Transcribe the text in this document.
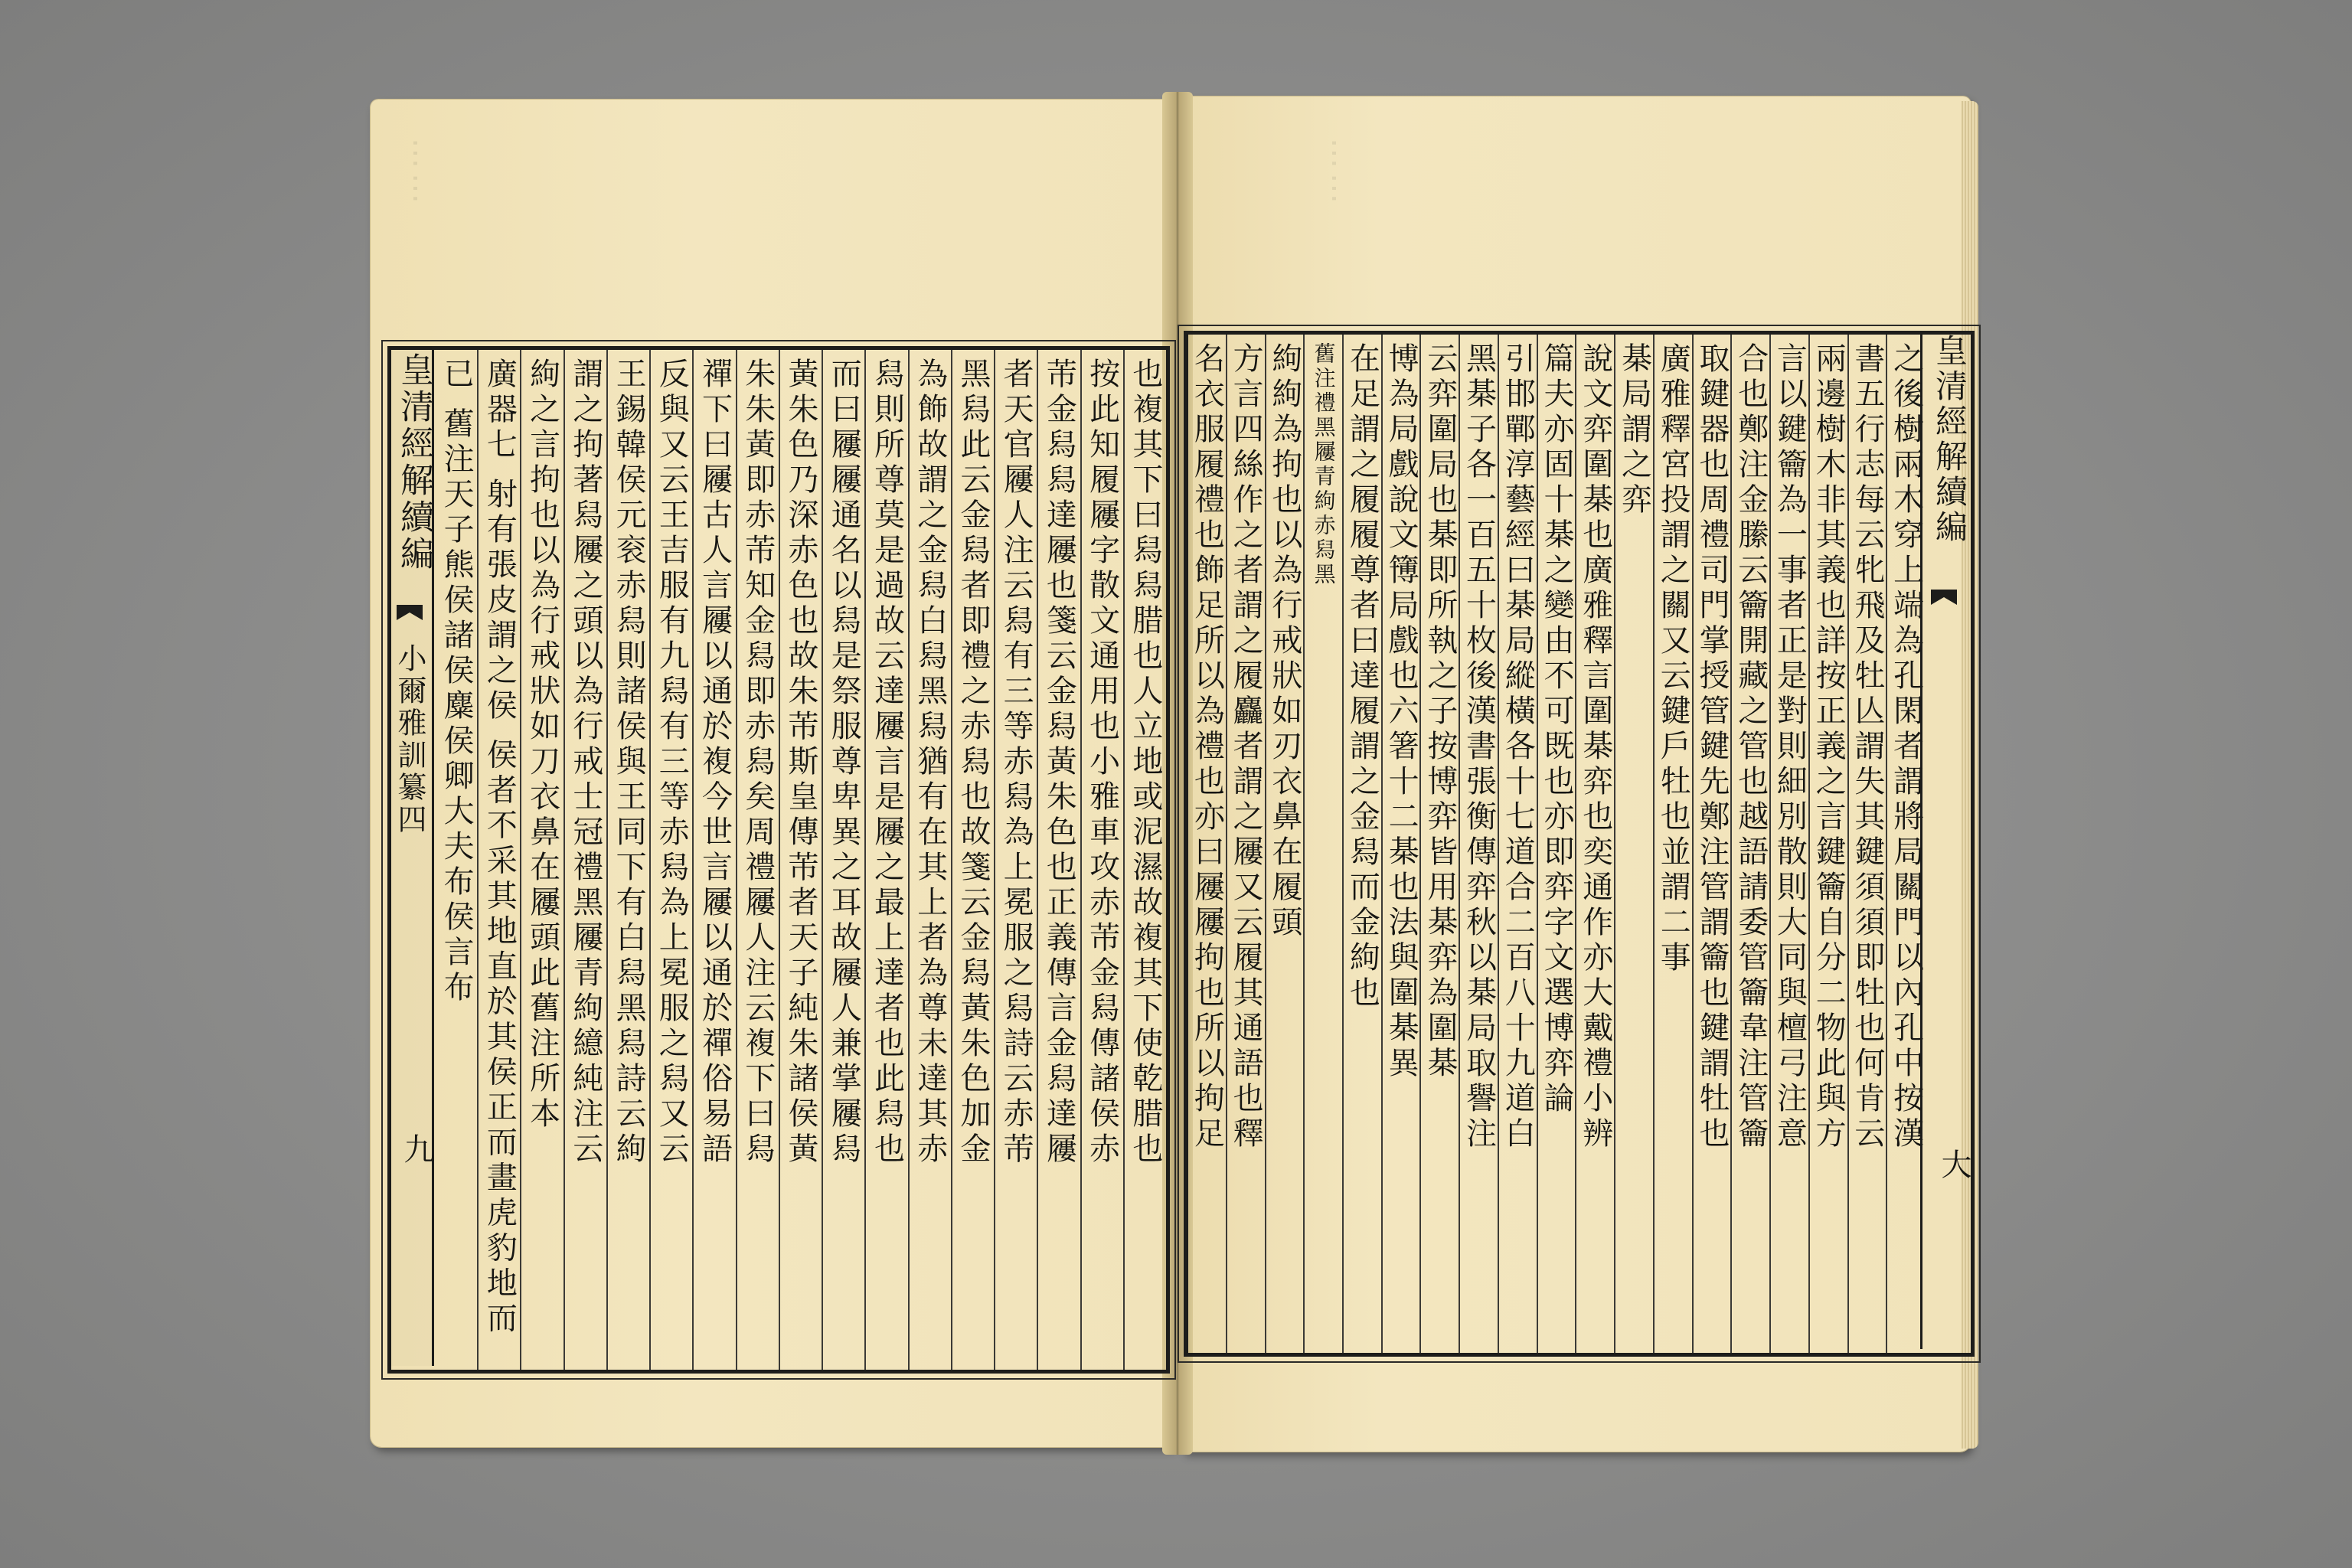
⋯⋯	⋯⋯
也複其下曰舄舄腊也人立地或泥濕故複其下使乾腊也
按此知履屨字散文通用也小雅車攻赤芾金舄傳諸侯赤
芾金舄舄達屨也箋云金舄黃朱色也正義傳言金舄達屨
者天官屨人注云舄有三等赤舄為上冕服之舄詩云赤芾
黑舄此云金舄者即禮之赤舄也故箋云金舄黃朱色加金
為飾故謂之金舄白舄黑舄猶有在其上者為尊未達其赤
舄則所尊莫是過故云達屨言是屨之最上達者也此舄也
而曰屨屨通名以舄是祭服尊卑異之耳故屨人兼掌屨舄
黃朱色乃深赤色也故朱芾斯皇傳芾者天子純朱諸侯黃
朱朱黃即赤芾知金舄即赤舄矣周禮屨人注云複下曰舄
禪下曰屨古人言屨以通於複今世言屨以通於禪俗易語
反與又云王吉服有九舄有三等赤舄為上冕服之舄又云
王錫韓侯元衮赤舄則諸侯與王同下有白舄黑舄詩云絇
謂之拘著舄屨之頭以為行戒士冠禮黑屨青絇繶純注云
絇之言拘也以為行戒狀如刀衣鼻在屨頭此舊注所本
廣器七 射有張皮謂之侯 侯者不采其地直於其侯正而畫虎豹地而
已 舊注天子熊侯諸侯麋侯卿大夫布侯言布
皇清經解續編
小爾雅訓纂四
九	之後樹兩木穿上端為孔閑者謂將局關門以內孔中按漢
書五行志每云牝飛及牡亾謂失其鍵須須即牡也何肯云
兩邊樹木非其義也詳按正義之言鍵籥自分二物此與方
言以鍵籥為一事者正是對則細別散則大同與檀弓注意
合也鄭注金縢云籥開藏之管也越語請委管籥韋注管籥
取鍵器也周禮司門掌授管鍵先鄭注管謂籥也鍵謂牡也
廣雅釋宮投謂之關又云鍵戶牡也並謂二事
棊局謂之弈
說文弈圍棊也廣雅釋言圍棊弈也奕通作亦大戴禮小辨
篇夫亦固十棊之變由不可既也亦即弈字文選博弈論
引邯鄲淳藝經曰棊局縱橫各十七道合二百八十九道白
黑棊子各一百五十枚後漢書張衡傳弈秋以棊局取譽注
云弈圍局也棊即所執之子按博弈皆用棊弈為圍棊
博為局戲說文簙局戲也六箸十二棊也法與圍棊異
在足謂之履履尊者曰達履謂之金舄而金絇也
舊注禮黑屨青絇赤舄黑
絇絇為拘也以為行戒狀如刃衣鼻在履頭
方言四絲作之者謂之履麤者謂之屨又云履其通語也釋
名衣服履禮也飾足所以為禮也亦曰屨屨拘也所以拘足	皇清經解續編
大
